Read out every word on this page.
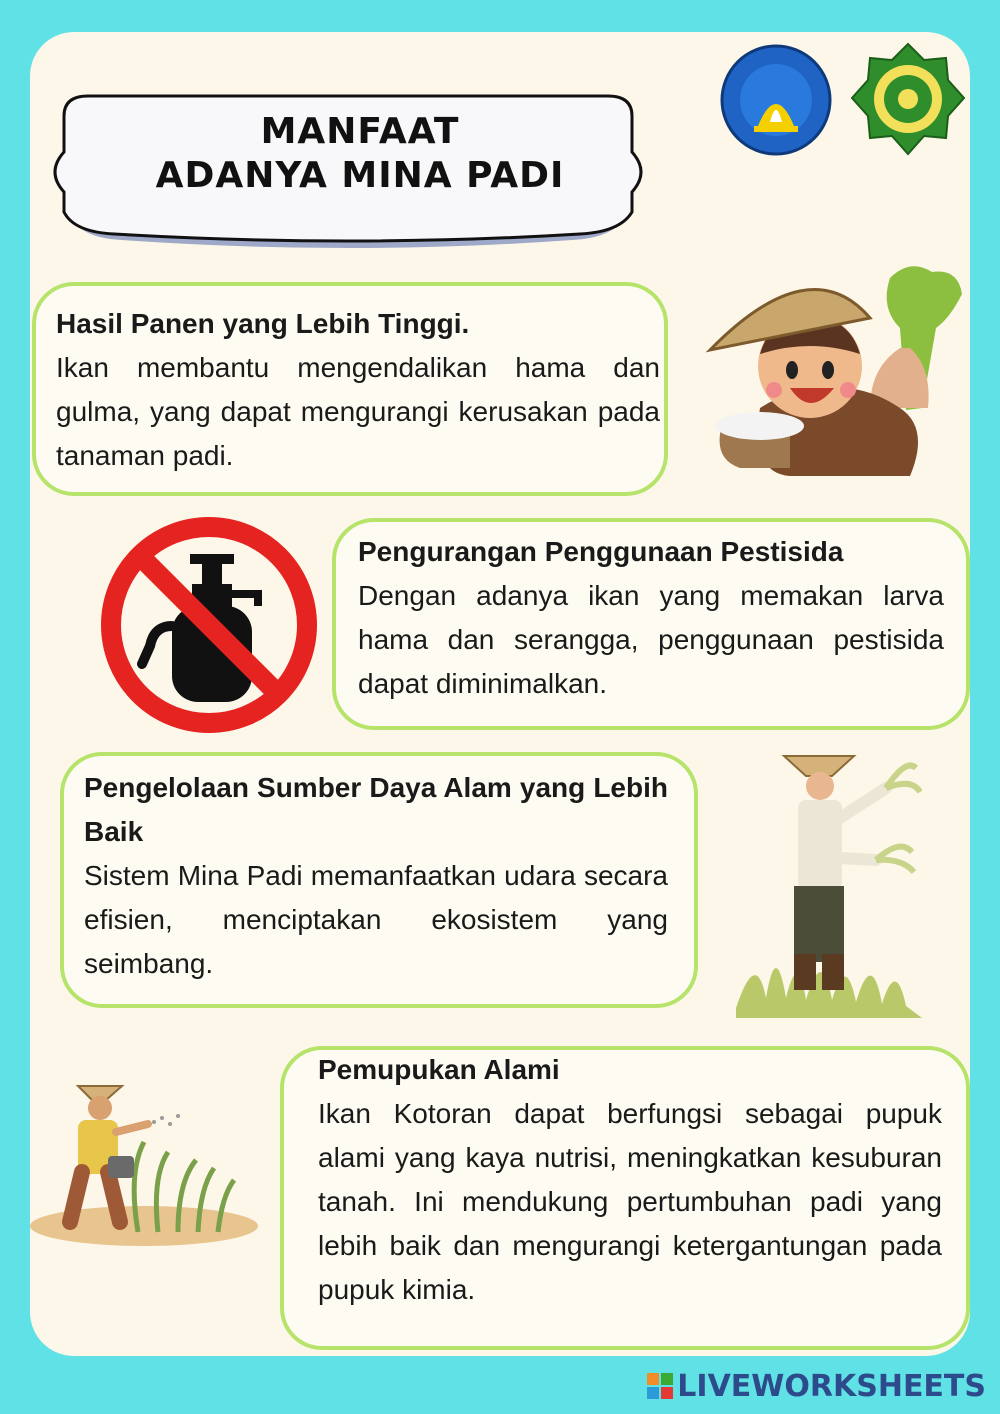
MANFAAT
ADANYA MINA PADI
Hasil Panen yang Lebih Tinggi.
Ikan membantu mengendalikan hama dan gulma, yang dapat mengurangi kerusakan pada tanaman padi.
Pengurangan Penggunaan Pestisida
Dengan adanya ikan yang memakan larva hama dan serangga, penggunaan pestisida dapat diminimalkan.
Pengelolaan Sumber Daya Alam yang Lebih Baik
Sistem Mina Padi memanfaatkan udara secara efisien, menciptakan ekosistem yang seimbang.
Pemupukan Alami
Ikan Kotoran dapat berfungsi sebagai pupuk alami yang kaya nutrisi, meningkatkan kesuburan tanah. Ini mendukung pertumbuhan padi yang lebih baik dan mengurangi ketergantungan pada pupuk kimia.
LIVEWORKSHEETS
